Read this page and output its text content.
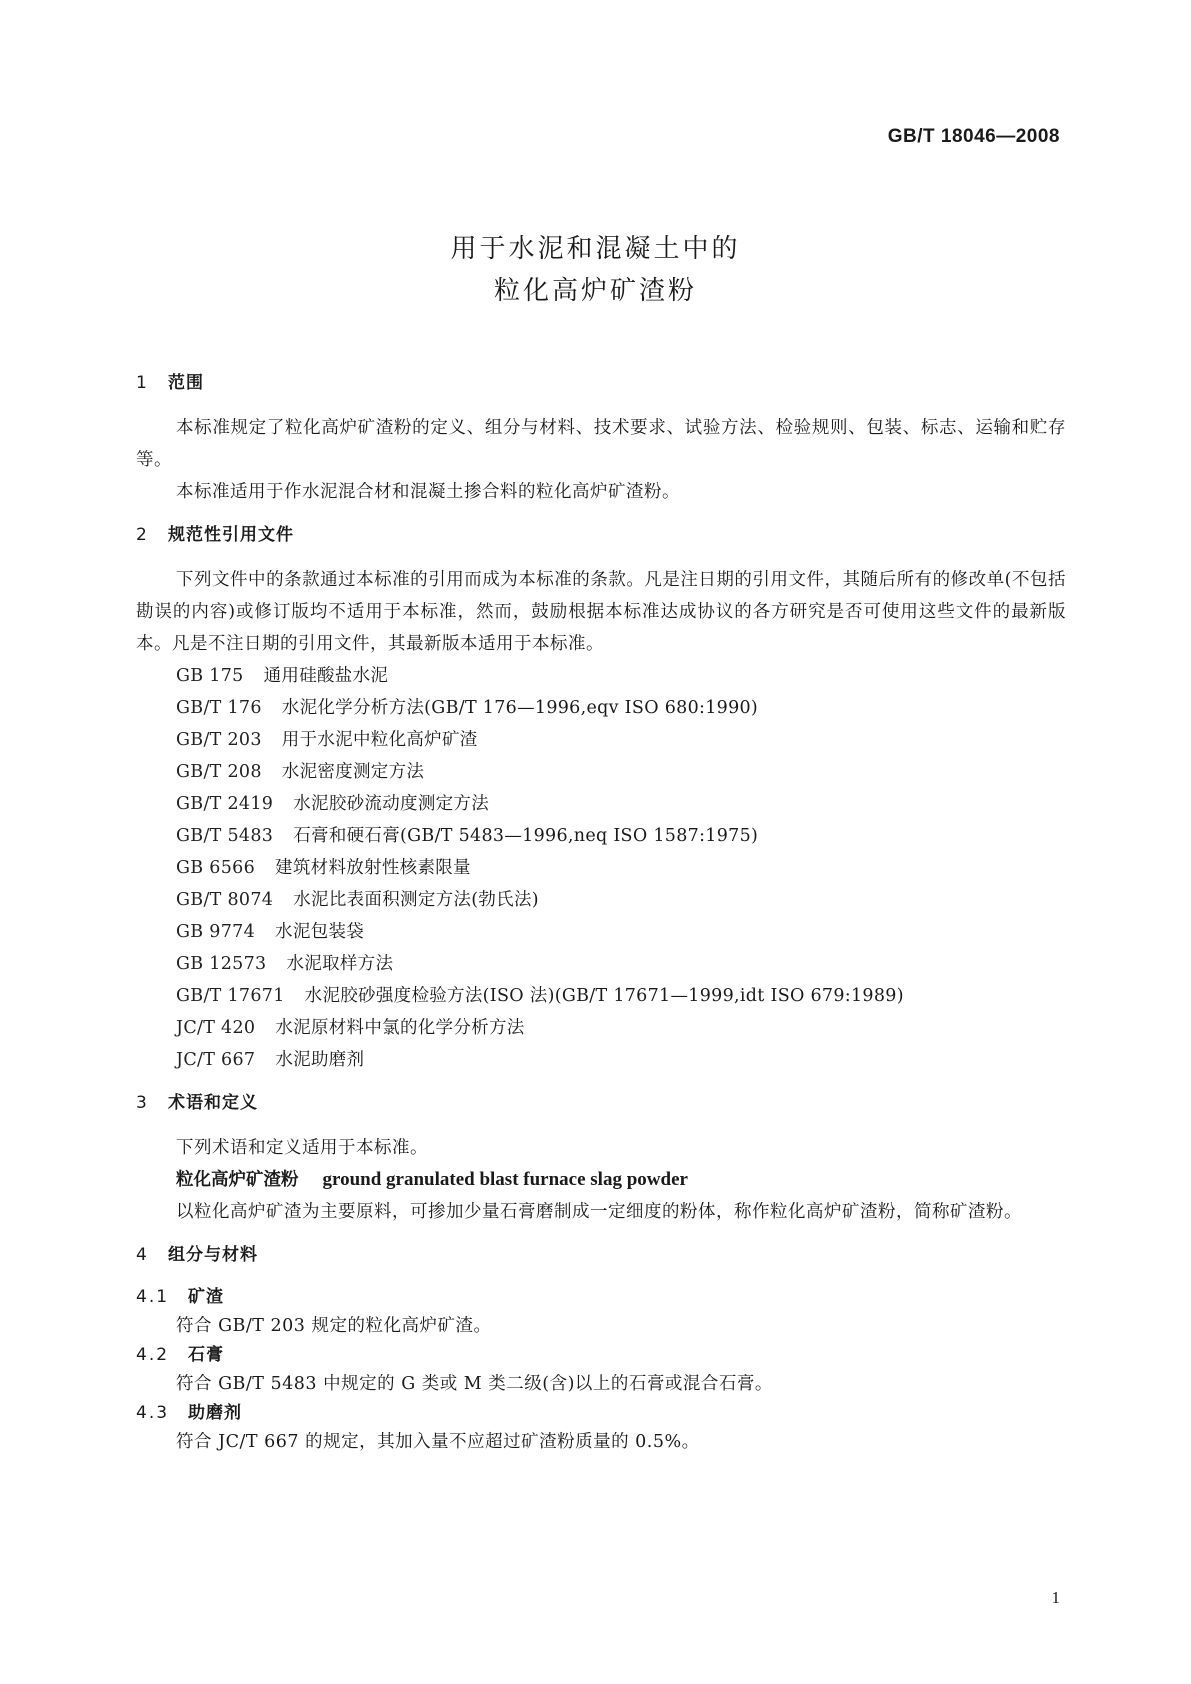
GB/T 18046—2008
用于水泥和混凝土中的
粒化高炉矿渣粉
1 范围
本标准规定了粒化高炉矿渣粉的定义、组分与材料、技术要求、试验方法、检验规则、包装、标志、运输和贮存等。
本标准适用于作水泥混合材和混凝土掺合料的粒化高炉矿渣粉。
2 规范性引用文件
下列文件中的条款通过本标准的引用而成为本标准的条款。凡是注日期的引用文件，其随后所有的修改单(不包括勘误的内容)或修订版均不适用于本标准，然而，鼓励根据本标准达成协议的各方研究是否可使用这些文件的最新版本。凡是不注日期的引用文件，其最新版本适用于本标准。
GB 175 通用硅酸盐水泥
GB/T 176 水泥化学分析方法(GB/T 176—1996,eqv ISO 680:1990)
GB/T 203 用于水泥中粒化高炉矿渣
GB/T 208 水泥密度测定方法
GB/T 2419 水泥胶砂流动度测定方法
GB/T 5483 石膏和硬石膏(GB/T 5483—1996,neq ISO 1587:1975)
GB 6566 建筑材料放射性核素限量
GB/T 8074 水泥比表面积测定方法(勃氏法)
GB 9774 水泥包装袋
GB 12573 水泥取样方法
GB/T 17671 水泥胶砂强度检验方法(ISO 法)(GB/T 17671—1999,idt ISO 679:1989)
JC/T 420 水泥原材料中氯的化学分析方法
JC/T 667 水泥助磨剂
3 术语和定义
下列术语和定义适用于本标准。
粒化高炉矿渣粉 ground granulated blast furnace slag powder
以粒化高炉矿渣为主要原料，可掺加少量石膏磨制成一定细度的粉体，称作粒化高炉矿渣粉，简称矿渣粉。
4 组分与材料
4.1 矿渣
符合 GB/T 203 规定的粒化高炉矿渣。
4.2 石膏
符合 GB/T 5483 中规定的 G 类或 M 类二级(含)以上的石膏或混合石膏。
4.3 助磨剂
符合 JC/T 667 的规定，其加入量不应超过矿渣粉质量的 0.5%。
1
